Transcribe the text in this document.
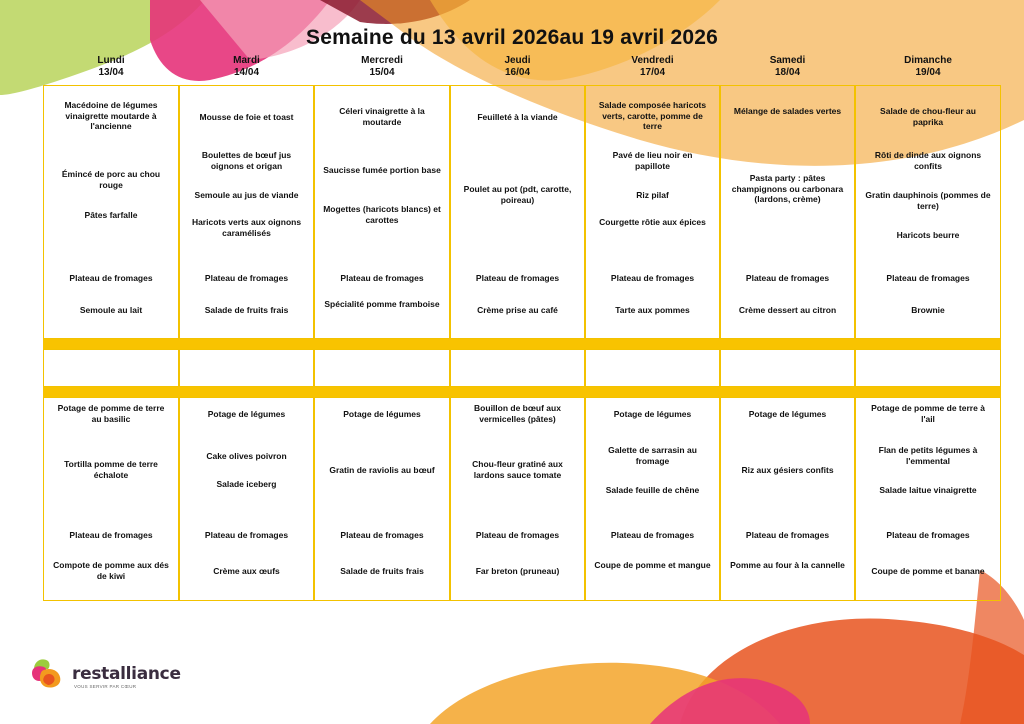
Semaine du 13 avril 2026au 19 avril 2026
Lundi
13/04
Mardi
14/04
Mercredi
15/04
Jeudi
16/04
Vendredi
17/04
Samedi
18/04
Dimanche
19/04
restalliance
VOUS SERVIR PAR CŒUR
Macédoine de légumes vinaigrette moutarde à l'ancienne
Émincé de porc au chou rouge
Pâtes farfalle
Plateau de fromages
Semoule au lait
Potage de pomme de terre au basilic
Tortilla pomme de terre échalote
Plateau de fromages
Compote de pomme aux dés de kiwi
Mousse de foie et toast
Boulettes de bœuf jus oignons et origan
Semoule au jus de viande
Haricots verts aux oignons caramélisés
Plateau de fromages
Salade de fruits frais
Potage de légumes
Cake olives poivron
Salade iceberg
Plateau de fromages
Crème aux œufs
Céleri vinaigrette à la moutarde
Saucisse fumée portion base
Mogettes (haricots blancs) et carottes
Plateau de fromages
Spécialité pomme framboise
Potage de légumes
Gratin de raviolis au bœuf
Plateau de fromages
Salade de fruits frais
Feuilleté à la viande
Poulet au pot (pdt, carotte, poireau)
Plateau de fromages
Crème prise au café
Bouillon de bœuf aux vermicelles (pâtes)
Chou-fleur gratiné aux lardons sauce tomate
Plateau de fromages
Far breton (pruneau)
Salade composée haricots verts, carotte, pomme de terre
Pavé de lieu noir en papillote
Riz pilaf
Courgette rôtie aux épices
Plateau de fromages
Tarte aux pommes
Potage de légumes
Galette de sarrasin au fromage
Salade feuille de chêne
Plateau de fromages
Coupe de pomme et mangue
Mélange de salades vertes
Pasta party : pâtes champignons ou carbonara (lardons, crème)
Plateau de fromages
Crème dessert au citron
Potage de légumes
Riz aux gésiers confits
Plateau de fromages
Pomme au four à la cannelle
Salade de chou-fleur au paprika
Rôti de dinde aux oignons confits
Gratin dauphinois (pommes de terre)
Haricots beurre
Plateau de fromages
Brownie
Potage de pomme de terre à l'ail
Flan de petits légumes à l'emmental
Salade laitue vinaigrette
Plateau de fromages
Coupe de pomme et banane
